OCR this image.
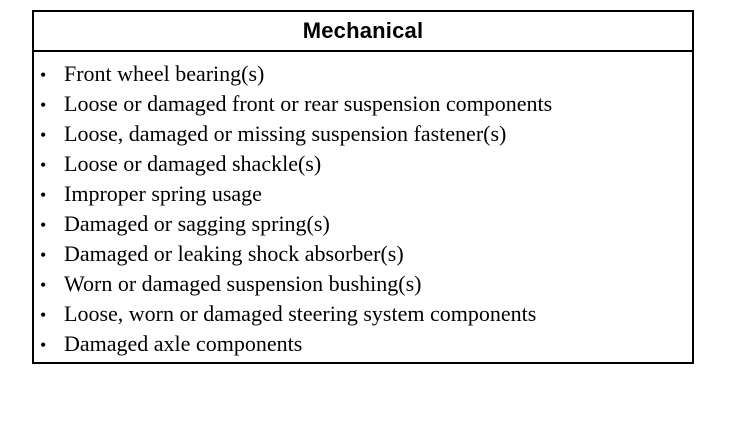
Mechanical
• Front wheel bearing(s)
• Loose or damaged front or rear suspension components
• Loose, damaged or missing suspension fastener(s)
• Loose or damaged shackle(s)
• Improper spring usage
• Damaged or sagging spring(s)
• Damaged or leaking shock absorber(s)
• Worn or damaged suspension bushing(s)
• Loose, worn or damaged steering system components
• Damaged axle components
